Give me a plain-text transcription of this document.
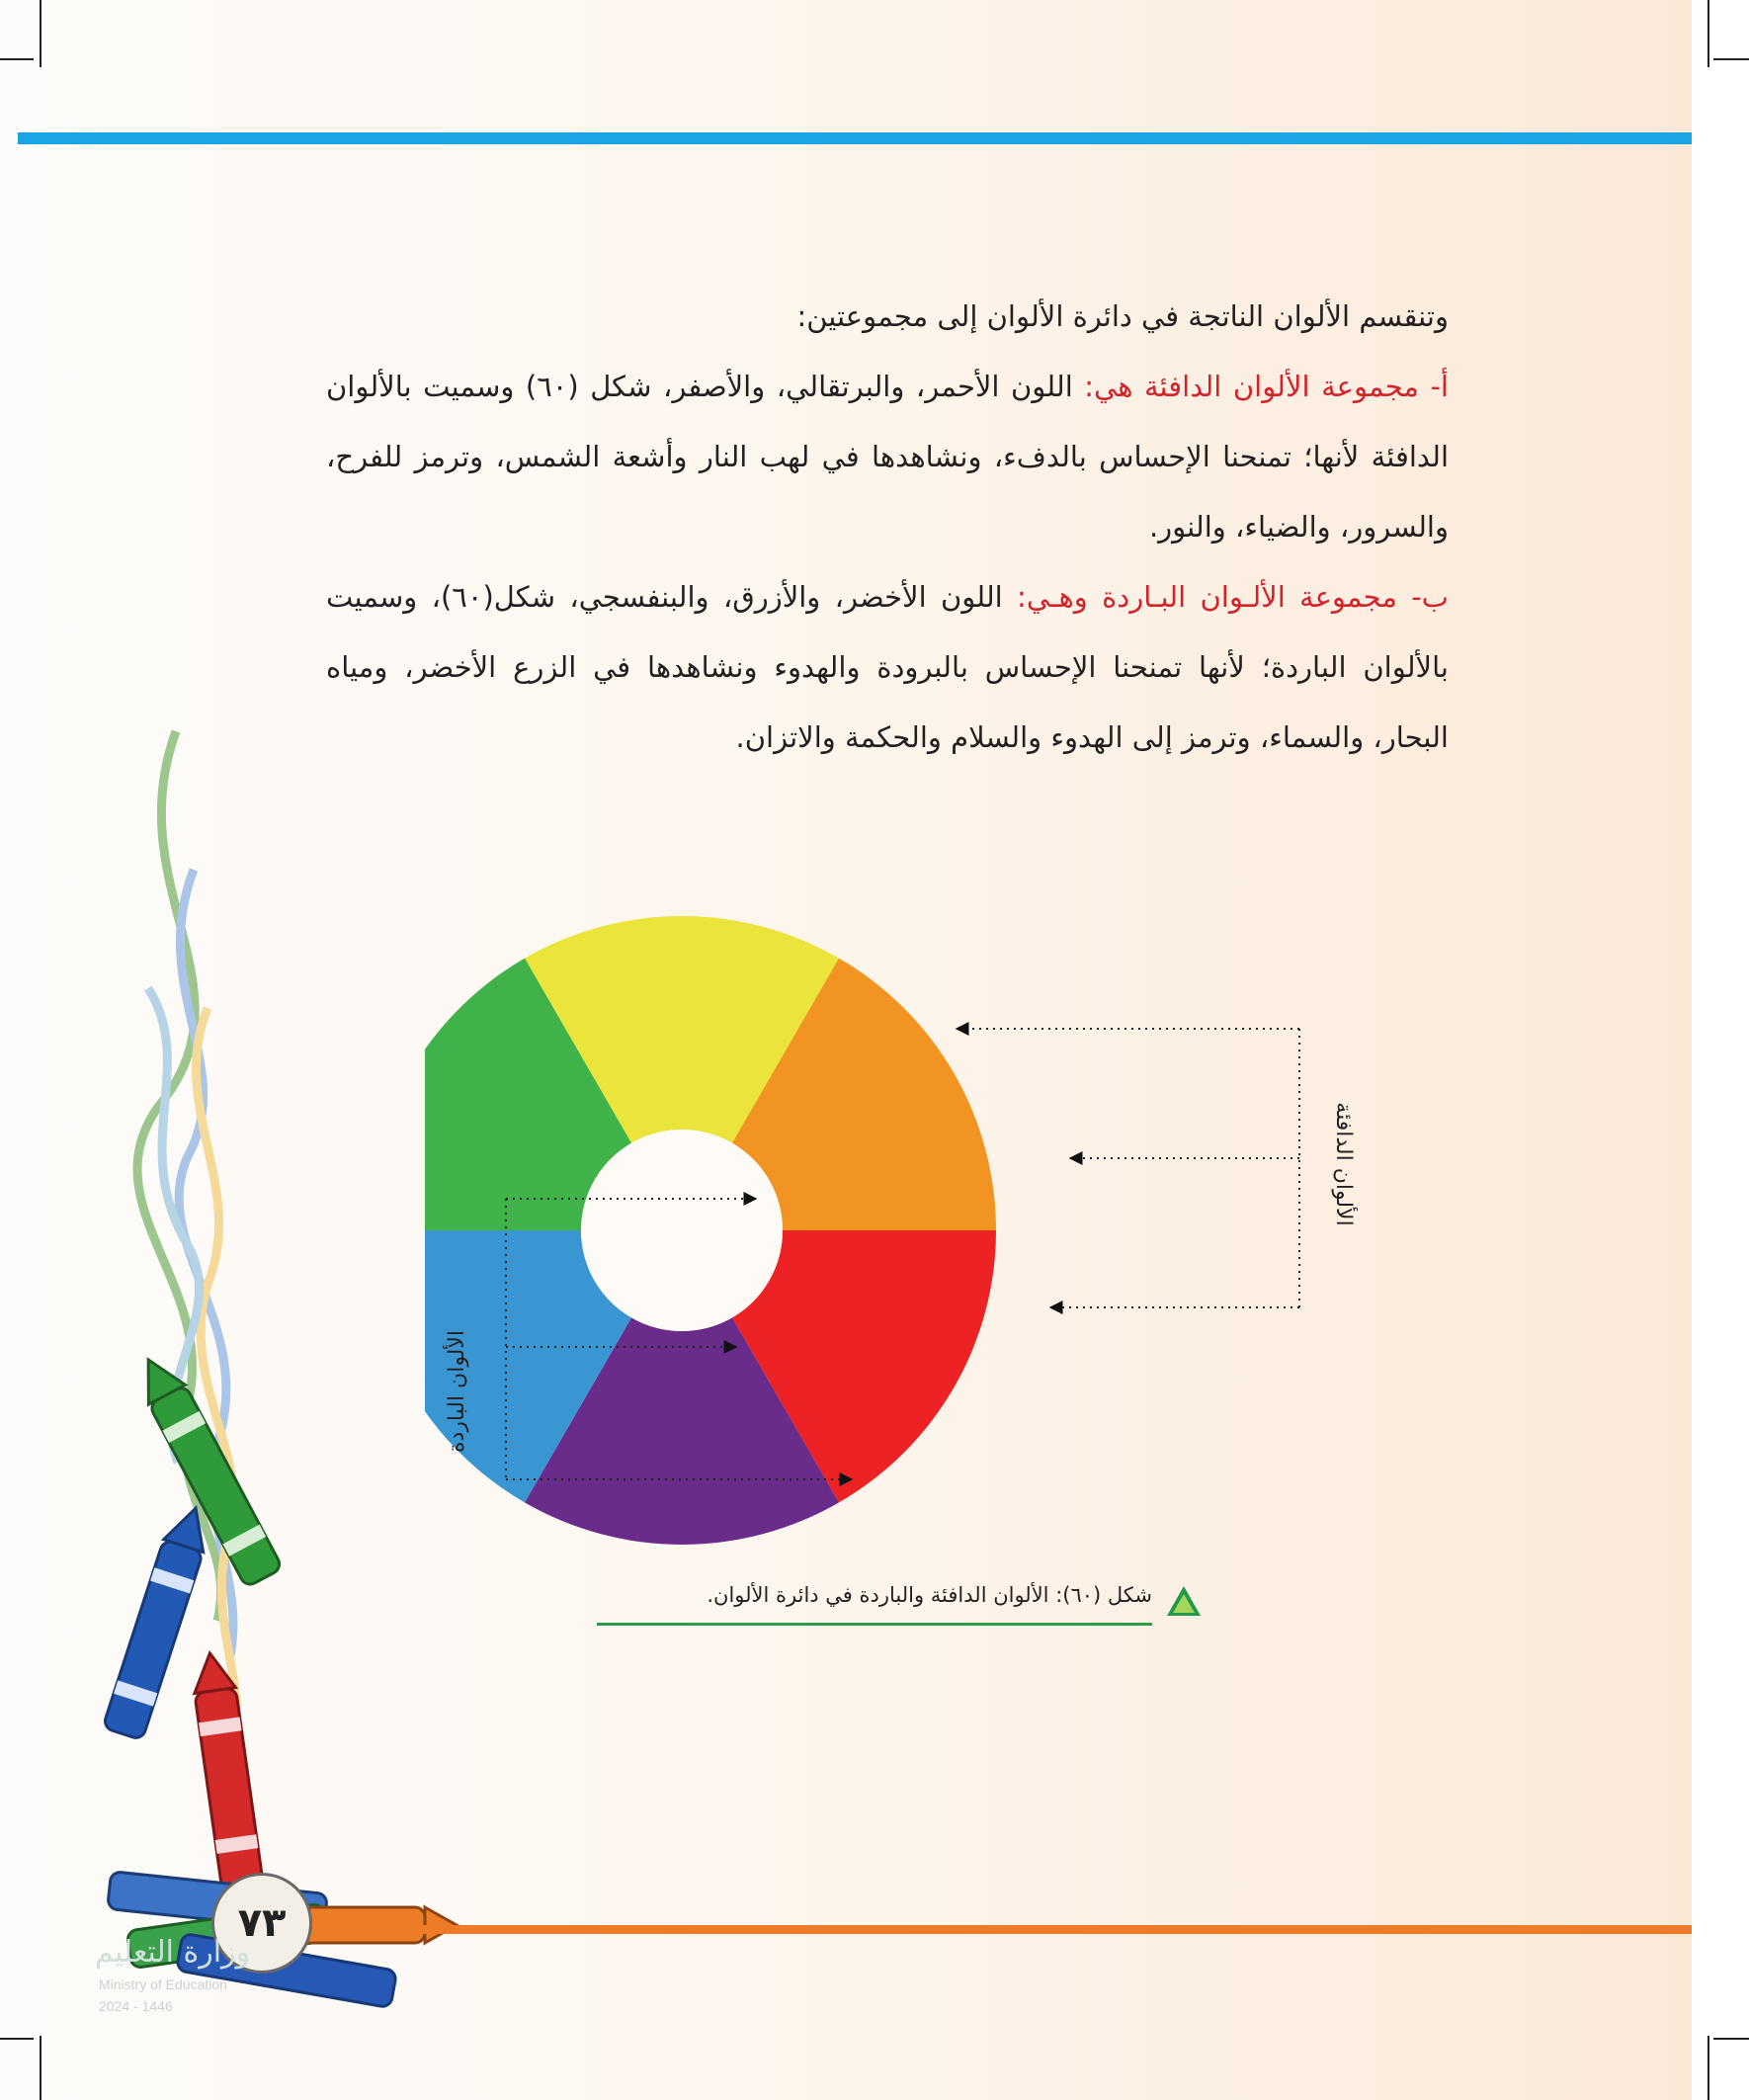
وتنقسم الألوان الناتجة في دائرة الألوان إلى مجموعتين:

أ- مجموعة الألوان الدافئة هي: اللون الأحمر، والبرتقالي، والأصفر، شكل (٦٠) وسميت بالألوان الدافئة لأنها؛ تمنحنا الإحساس بالدفء، ونشاهدها في لهب النار وأشعة الشمس، وترمز للفرح، والسرور، والضياء، والنور.

ب- مجموعة الألـوان البـاردة وهـي: اللون الأخضر، والأزرق، والبنفسجي، شكل(٦٠)، وسميت بالألوان الباردة؛ لأنها تمنحنا الإحساس بالبرودة والهدوء ونشاهدها في الزرع الأخضر، ومياه البحار، والسماء، وترمز إلى الهدوء والسلام والحكمة والاتزان.

الألوان الدافئة
الألوان الباردة
شكل (٦٠): الألوان الدافئة والباردة في دائرة الألوان.
٧٣
وزارة التعليم
Ministry of Education
2024 - 1446
